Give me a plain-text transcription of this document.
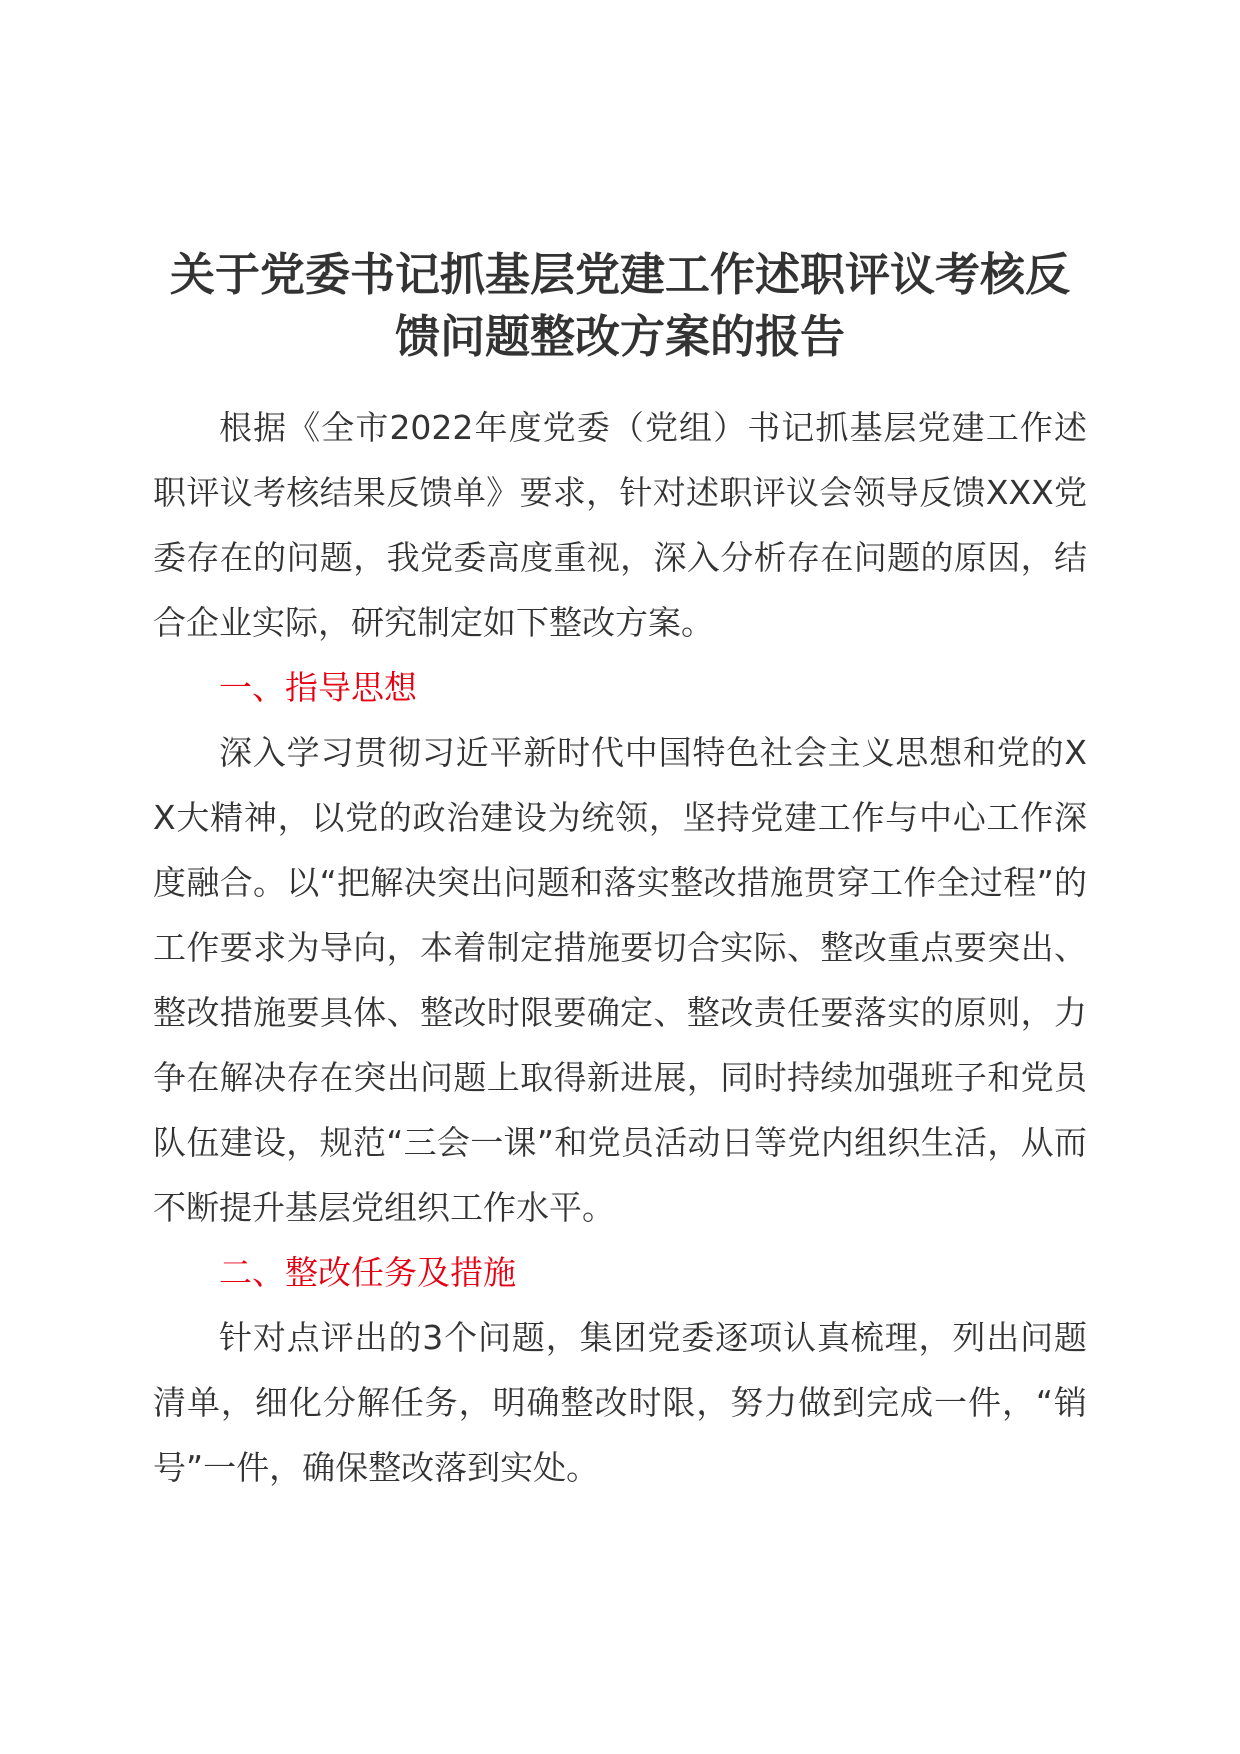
关于党委书记抓基层党建工作述职评议考核反馈问题整改方案的报告

根据《全市2022年度党委（党组）书记抓基层党建工作述职评议考核结果反馈单》要求，针对述职评议会领导反馈XXX党委存在的问题，我党委高度重视，深入分析存在问题的原因，结合企业实际，研究制定如下整改方案。

一、指导思想

深入学习贯彻习近平新时代中国特色社会主义思想和党的XX大精神，以党的政治建设为统领，坚持党建工作与中心工作深度融合。以“把解决突出问题和落实整改措施贯穿工作全过程”的工作要求为导向，本着制定措施要切合实际、整改重点要突出、整改措施要具体、整改时限要确定、整改责任要落实的原则，力争在解决存在突出问题上取得新进展，同时持续加强班子和党员队伍建设，规范“三会一课”和党员活动日等党内组织生活，从而不断提升基层党组织工作水平。

二、整改任务及措施

针对点评出的3个问题，集团党委逐项认真梳理，列出问题清单，细化分解任务，明确整改时限，努力做到完成一件，“销号”一件，确保整改落到实处。
